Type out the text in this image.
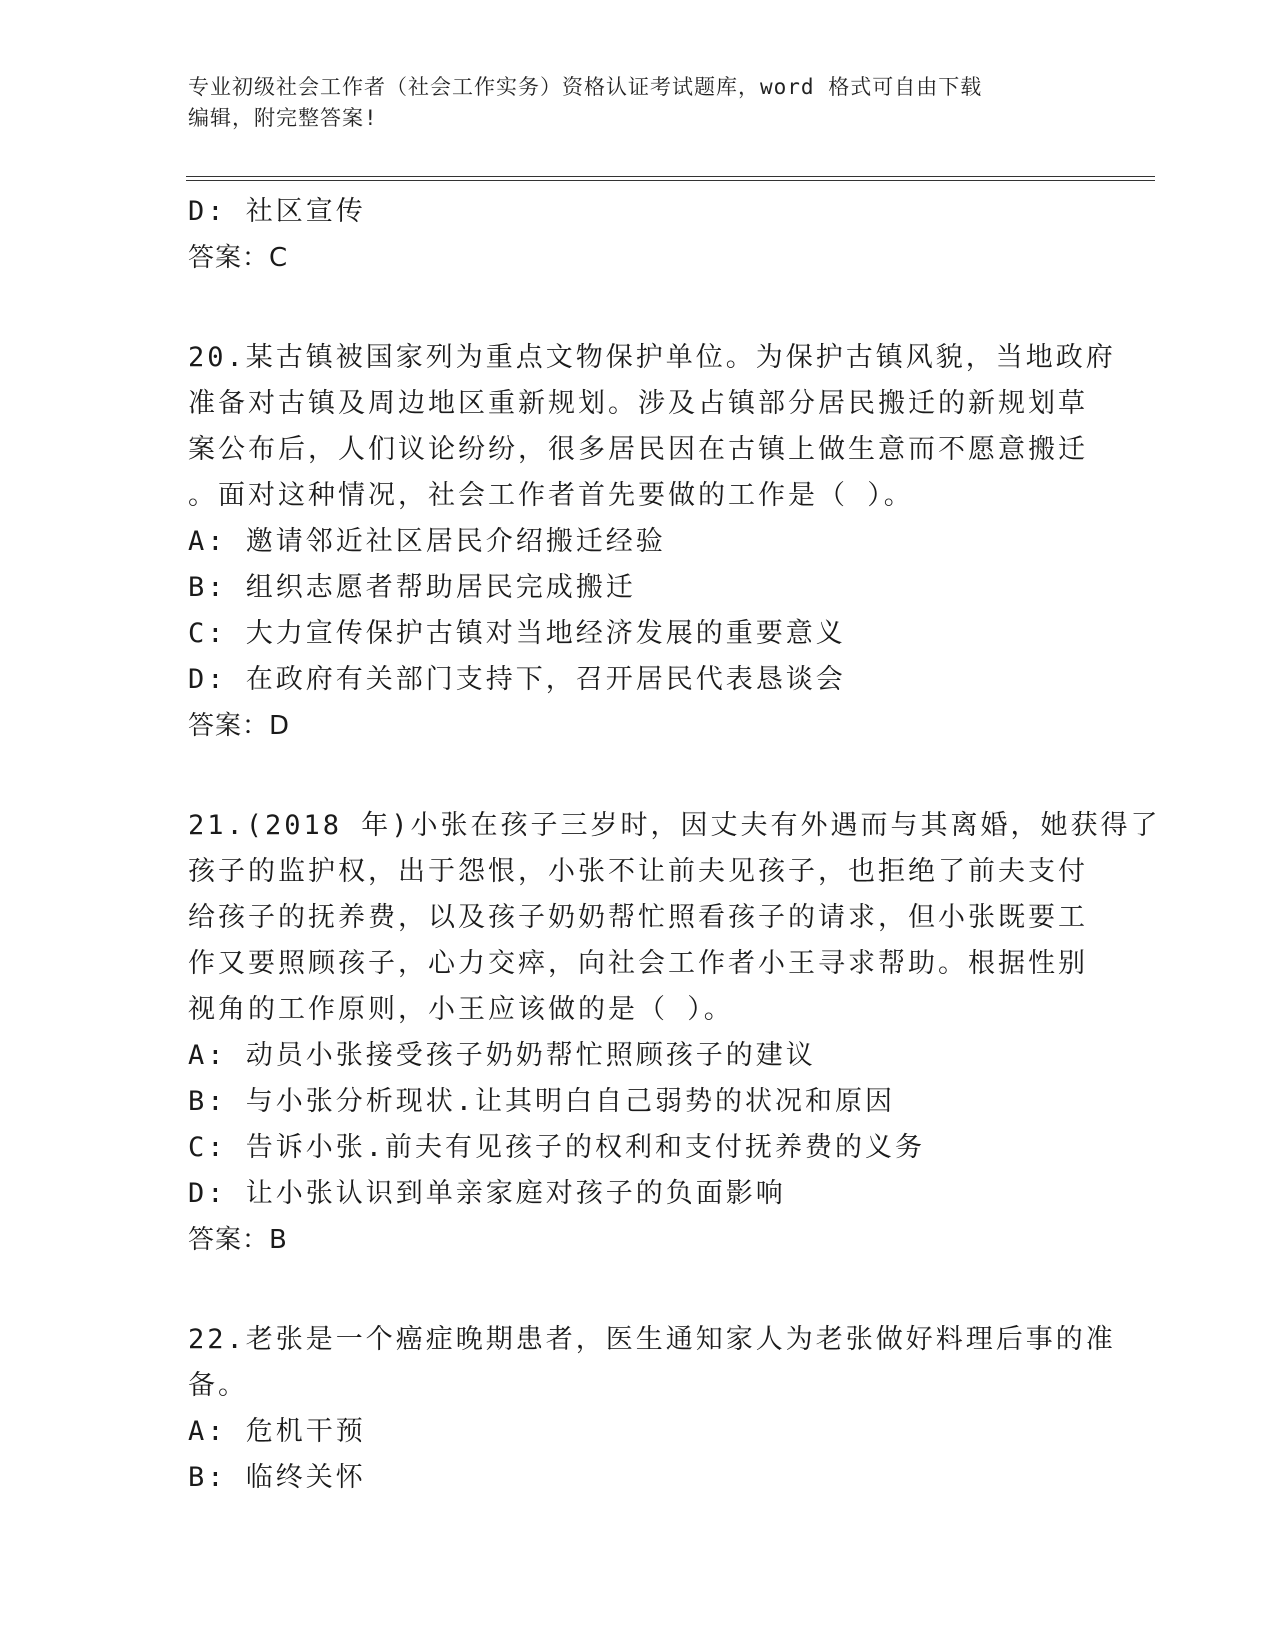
专业初级社会工作者（社会工作实务）资格认证考试题库，word 格式可自由下载
编辑，附完整答案!
D: 社区宣传
答案：C
20.某古镇被国家列为重点文物保护单位。为保护古镇风貌，当地政府
准备对古镇及周边地区重新规划。涉及占镇部分居民搬迁的新规划草
案公布后，人们议论纷纷，很多居民因在古镇上做生意而不愿意搬迁
。面对这种情况，社会工作者首先要做的工作是（ ）。
A: 邀请邻近社区居民介绍搬迁经验
B: 组织志愿者帮助居民完成搬迁
C: 大力宣传保护古镇对当地经济发展的重要意义
D: 在政府有关部门支持下，召开居民代表恳谈会
答案：D
21.(2018 年)小张在孩子三岁时，因丈夫有外遇而与其离婚，她获得了
孩子的监护权，出于怨恨，小张不让前夫见孩子，也拒绝了前夫支付
给孩子的抚养费，以及孩子奶奶帮忙照看孩子的请求，但小张既要工
作又要照顾孩子，心力交瘁，向社会工作者小王寻求帮助。根据性别
视角的工作原则，小王应该做的是（ ）。
A: 动员小张接受孩子奶奶帮忙照顾孩子的建议
B: 与小张分析现状.让其明白自己弱势的状况和原因
C: 告诉小张.前夫有见孩子的权利和支付抚养费的义务
D: 让小张认识到单亲家庭对孩子的负面影响
答案：B
22.老张是一个癌症晚期患者，医生通知家人为老张做好料理后事的准
备。
A: 危机干预
B: 临终关怀
